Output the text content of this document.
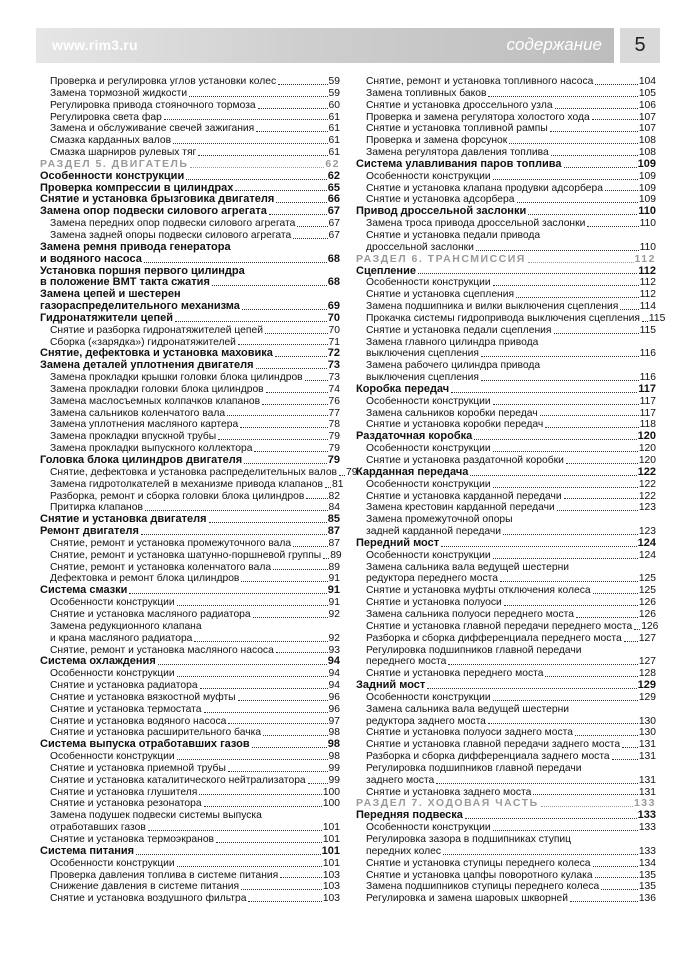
www.rim3.ru	содержание	5
Проверка и регулировка углов установки колес	59
Замена тормозной жидкости	59
Регулировка привода стояночного тормоза	60
Регулировка света фар	61
Замена и обслуживание свечей зажигания	61
Смазка карданных валов	61
Смазка шарниров рулевых тяг	61
РАЗДЕЛ 5. ДВИГАТЕЛЬ	62
Особенности конструкции	62
Проверка компрессии в цилиндрах	65
Снятие и установка брызговика двигателя	66
Замена опор подвески силового агрегата	67
Замена передних опор подвески силового агрегата	67
Замена задней опоры подвески силового агрегата	67
Замена ремня привода генератора
и водяного насоса	68
Установка поршня первого цилиндра
в положение ВМТ такта сжатия	68
Замена цепей и шестерен
газораспределительного механизма	69
Гидронатяжители цепей	70
Снятие и разборка гидронатяжителей цепей	70
Сборка («зарядка») гидронатяжителей	71
Снятие, дефектовка и установка маховика	72
Замена деталей уплотнения двигателя	73
Замена прокладки крышки головки блока цилиндров	73
Замена прокладки головки блока цилиндров	74
Замена маслосъемных колпачков клапанов	76
Замена сальников коленчатого вала	77
Замена уплотнения масляного картера	78
Замена прокладки впускной трубы	79
Замена прокладки выпускного коллектора	79
Головка блока цилиндров двигателя	79
Снятие, дефектовка и установка распределительных валов 79
Замена гидротолкателей в механизме привода клапанов 81
Разборка, ремонт и сборка головки блока цилиндров 82
Притирка клапанов	84
Снятие и установка двигателя	85
Ремонт двигателя	87
Снятие, ремонт и установка промежуточного вала	87
Снятие, ремонт и установка шатунно-поршневой группы 89
Снятие, ремонт и установка коленчатого вала	89
Дефектовка и ремонт блока цилиндров	91
Система смазки	91
Особенности конструкции	91
Снятие и установка масляного радиатора	92
Замена редукционного клапана
и крана масляного радиатора	92
Снятие, ремонт и установка масляного насоса	93
Система охлаждения	94
Особенности конструкции	94
Снятие и установка радиатора	94
Снятие и установка вязкостной муфты	96
Снятие и установка термостата	96
Снятие и установка водяного насоса	97
Снятие и установка расширительного бачка	98
Система выпуска отработавших газов	98
Особенности конструкции	98
Снятие и установка приемной трубы	99
Снятие и установка каталитического нейтрализатора 99
Снятие и установка глушителя	100
Снятие и установка резонатора	100
Замена подушек подвески системы выпуска
отработавших газов	101
Снятие и установка термоэкранов	101
Система питания	101
Особенности конструкции	101
Проверка давления топлива в системе питания	103
Снижение давления в системе питания	103
Снятие и установка воздушного фильтра	103
Снятие, ремонт и установка топливного насоса	104
Замена топливных баков	105
Снятие и установка дроссельного узла	106
Проверка и замена регулятора холостого хода	107
Снятие и установка топливной рампы	107
Проверка и замена форсунок	108
Замена регулятора давления топлива	108
Система улавливания паров топлива	109
Особенности конструкции	109
Снятие и установка клапана продувки адсорбера	109
Снятие и установка адсорбера	109
Привод дроссельной заслонки	110
Замена троса привода дроссельной заслонки	110
Снятие и установка педали привода
дроссельной заслонки	110
РАЗДЕЛ 6. ТРАНСМИССИЯ	112
Сцепление	112
Особенности конструкции	112
Снятие и установка сцепления	112
Замена подшипника и вилки выключения сцепления 114
Прокачка системы гидропривода выключения сцепления 115
Снятие и установка педали сцепления	115
Замена главного цилиндра привода
выключения сцепления	116
Замена рабочего цилиндра привода
выключения сцепления	116
Коробка передач	117
Особенности конструкции	117
Замена сальников коробки передач	117
Снятие и установка коробки передач	118
Раздаточная коробка	120
Особенности конструкции	120
Снятие и установка раздаточной коробки	120
Карданная передача	122
Особенности конструкции	122
Снятие и установка карданной передачи	122
Замена крестовин карданной передачи	123
Замена промежуточной опоры
задней карданной передачи	123
Передний мост	124
Особенности конструкции	124
Замена сальника вала ведущей шестерни
редуктора переднего моста	125
Снятие и установка муфты отключения колеса	125
Снятие и установка полуоси	126
Замена сальника полуоси переднего моста	126
Снятие и установка главной передачи переднего моста 126
Разборка и сборка дифференциала переднего моста 127
Регулировка подшипников главной передачи
переднего моста	127
Снятие и установка переднего моста	128
Задний мост	129
Особенности конструкции	129
Замена сальника вала ведущей шестерни
редуктора заднего моста	130
Снятие и установка полуоси заднего моста	130
Снятие и установка главной передачи заднего моста 131
Разборка и сборка дифференциала заднего моста	131
Регулировка подшипников главной передачи
заднего моста	131
Снятие и установка заднего моста	131
РАЗДЕЛ 7. ХОДОВАЯ ЧАСТЬ	133
Передняя подвеска	133
Особенности конструкции	133
Регулировка зазора в подшипниках ступиц
передних колес	133
Снятие и установка ступицы переднего колеса	134
Снятие и установка цапфы поворотного кулака	135
Замена подшипников ступицы переднего колеса	135
Регулировка и замена шаровых шкворней	136
